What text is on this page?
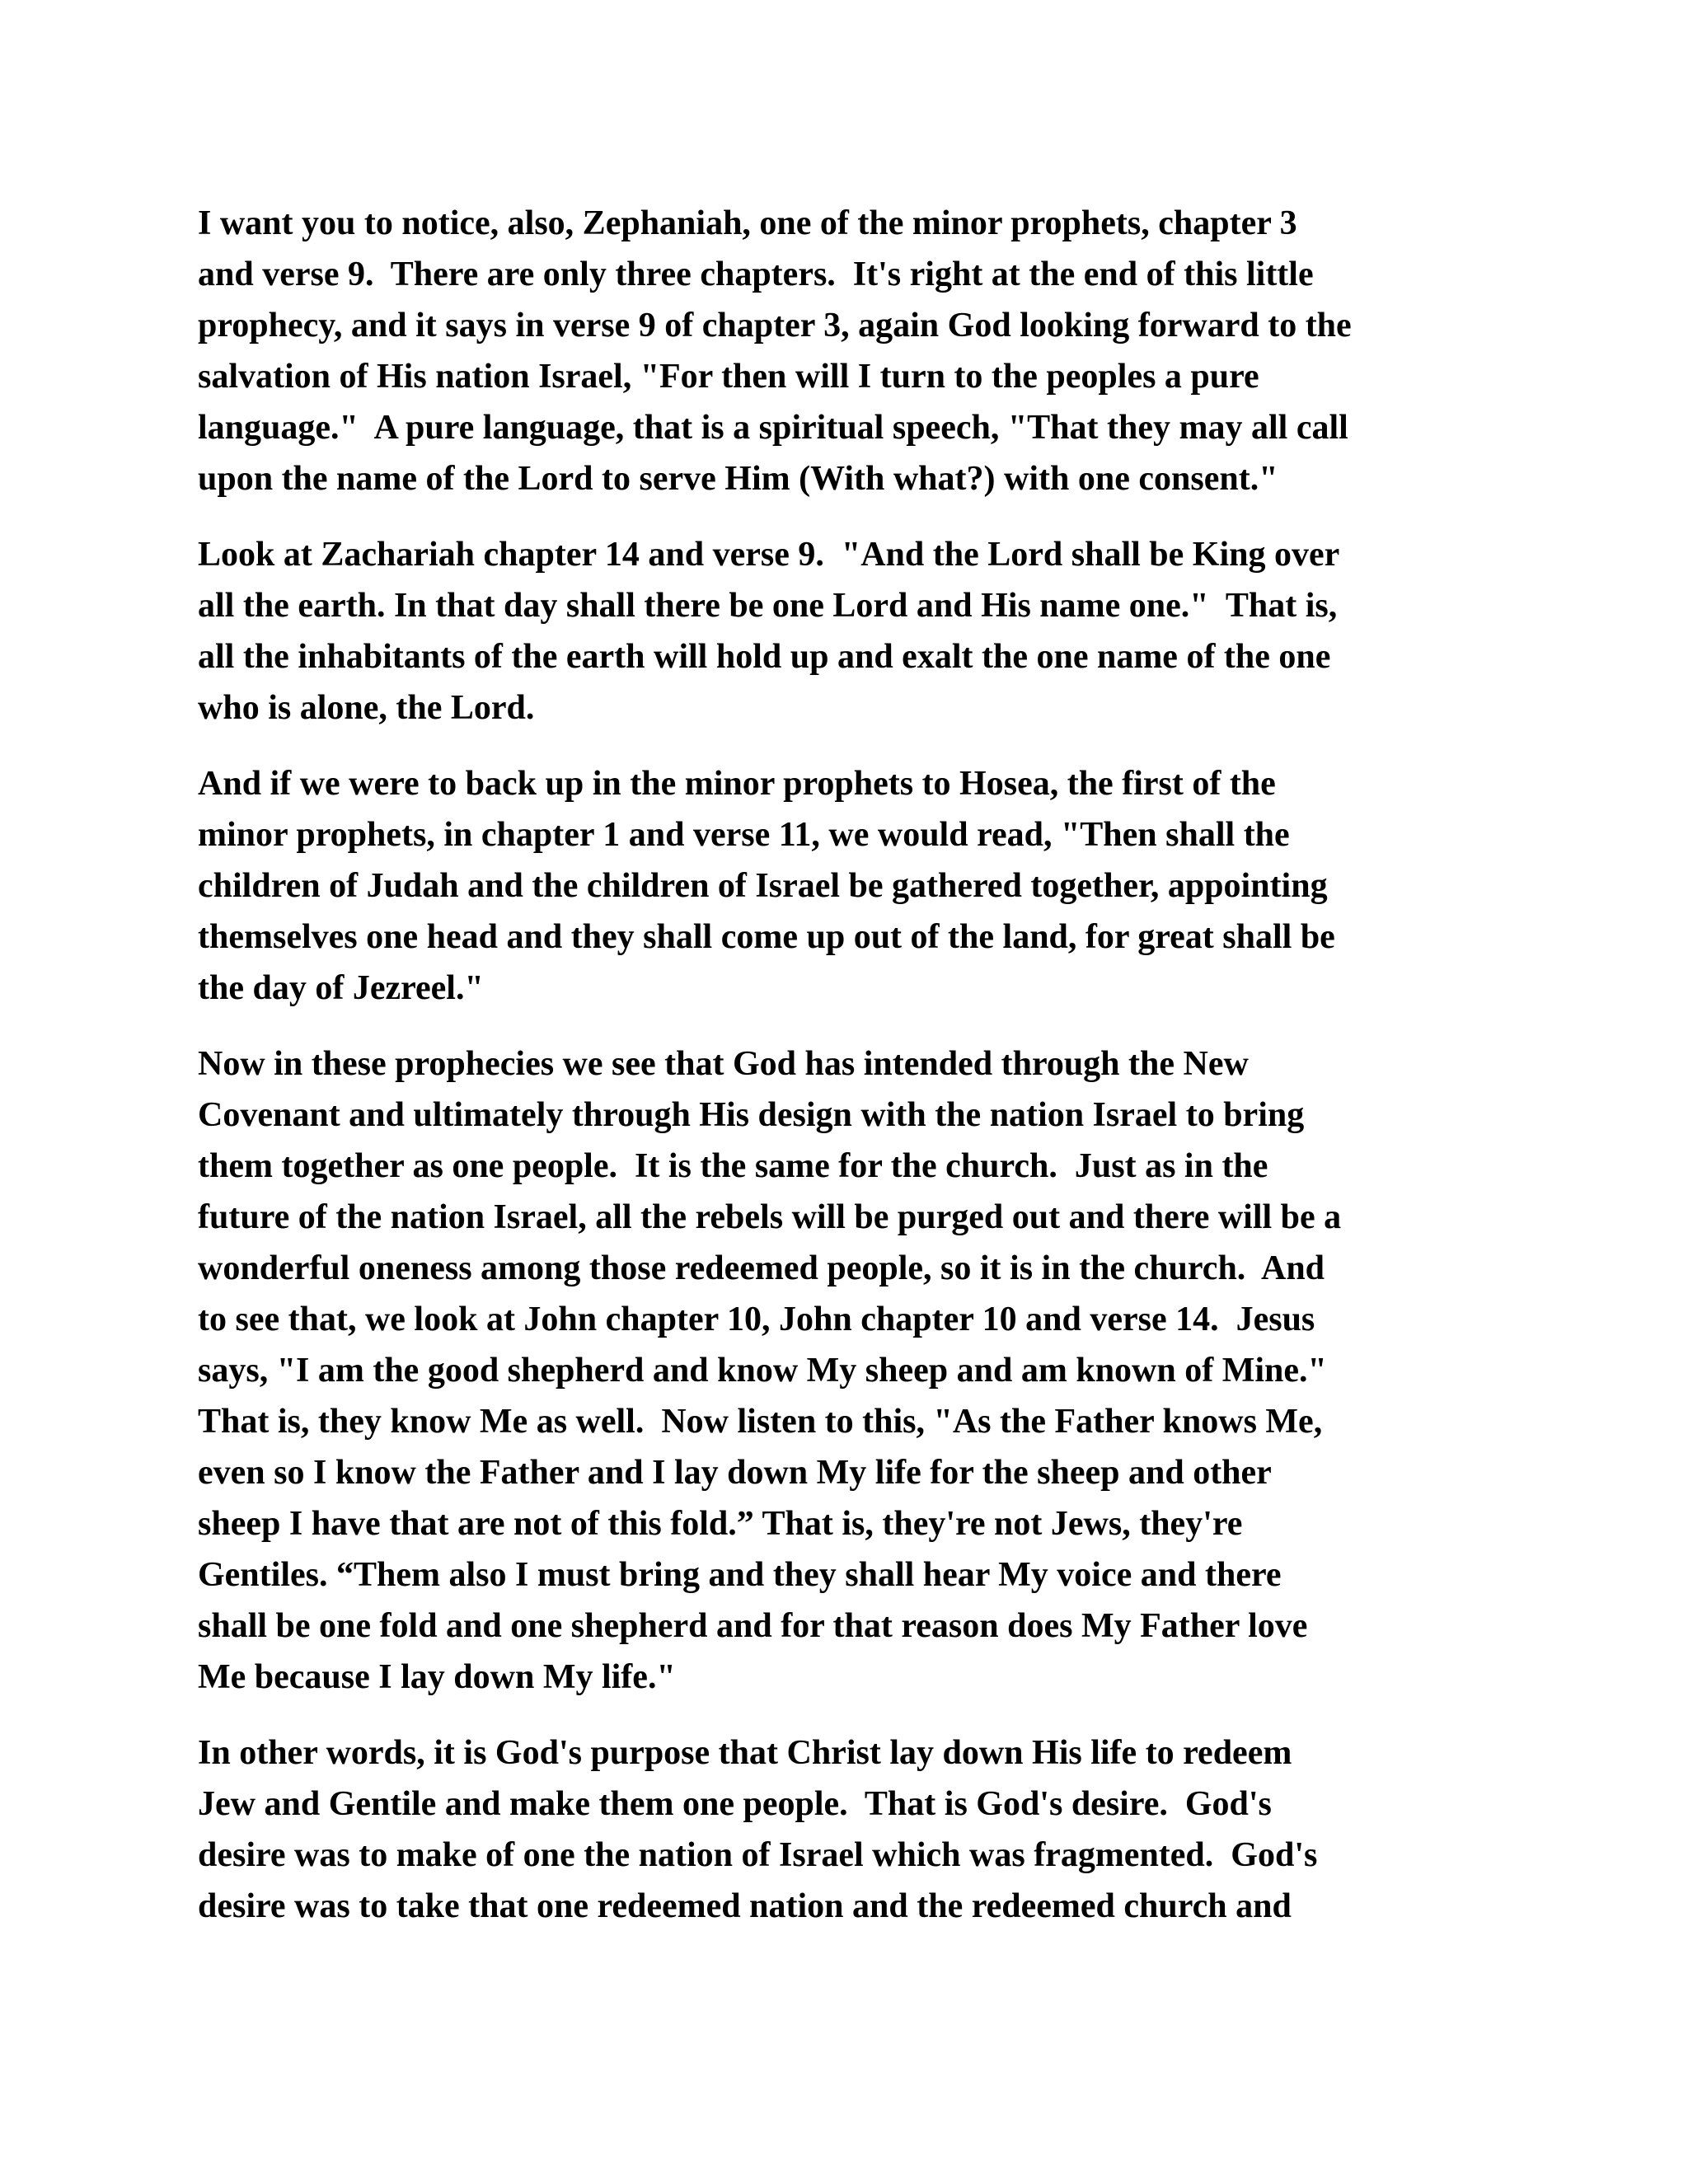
I want you to notice, also, Zephaniah, one of the minor prophets, chapter 3
and verse 9.  There are only three chapters.  It's right at the end of this little
prophecy, and it says in verse 9 of chapter 3, again God looking forward to the
salvation of His nation Israel, "For then will I turn to the peoples a pure
language."  A pure language, that is a spiritual speech, "That they may all call
upon the name of the Lord to serve Him (With what?) with one consent."

Look at Zachariah chapter 14 and verse 9.  "And the Lord shall be King over
all the earth. In that day shall there be one Lord and His name one."  That is,
all the inhabitants of the earth will hold up and exalt the one name of the one
who is alone, the Lord.

And if we were to back up in the minor prophets to Hosea, the first of the
minor prophets, in chapter 1 and verse 11, we would read, "Then shall the
children of Judah and the children of Israel be gathered together, appointing
themselves one head and they shall come up out of the land, for great shall be
the day of Jezreel."

Now in these prophecies we see that God has intended through the New
Covenant and ultimately through His design with the nation Israel to bring
them together as one people.  It is the same for the church.  Just as in the
future of the nation Israel, all the rebels will be purged out and there will be a
wonderful oneness among those redeemed people, so it is in the church.  And
to see that, we look at John chapter 10, John chapter 10 and verse 14.  Jesus
says, "I am the good shepherd and know My sheep and am known of Mine."
That is, they know Me as well.  Now listen to this, "As the Father knows Me,
even so I know the Father and I lay down My life for the sheep and other
sheep I have that are not of this fold.” That is, they're not Jews, they're
Gentiles. “Them also I must bring and they shall hear My voice and there
shall be one fold and one shepherd and for that reason does My Father love
Me because I lay down My life."

In other words, it is God's purpose that Christ lay down His life to redeem
Jew and Gentile and make them one people.  That is God's desire.  God's
desire was to make of one the nation of Israel which was fragmented.  God's
desire was to take that one redeemed nation and the redeemed church and
